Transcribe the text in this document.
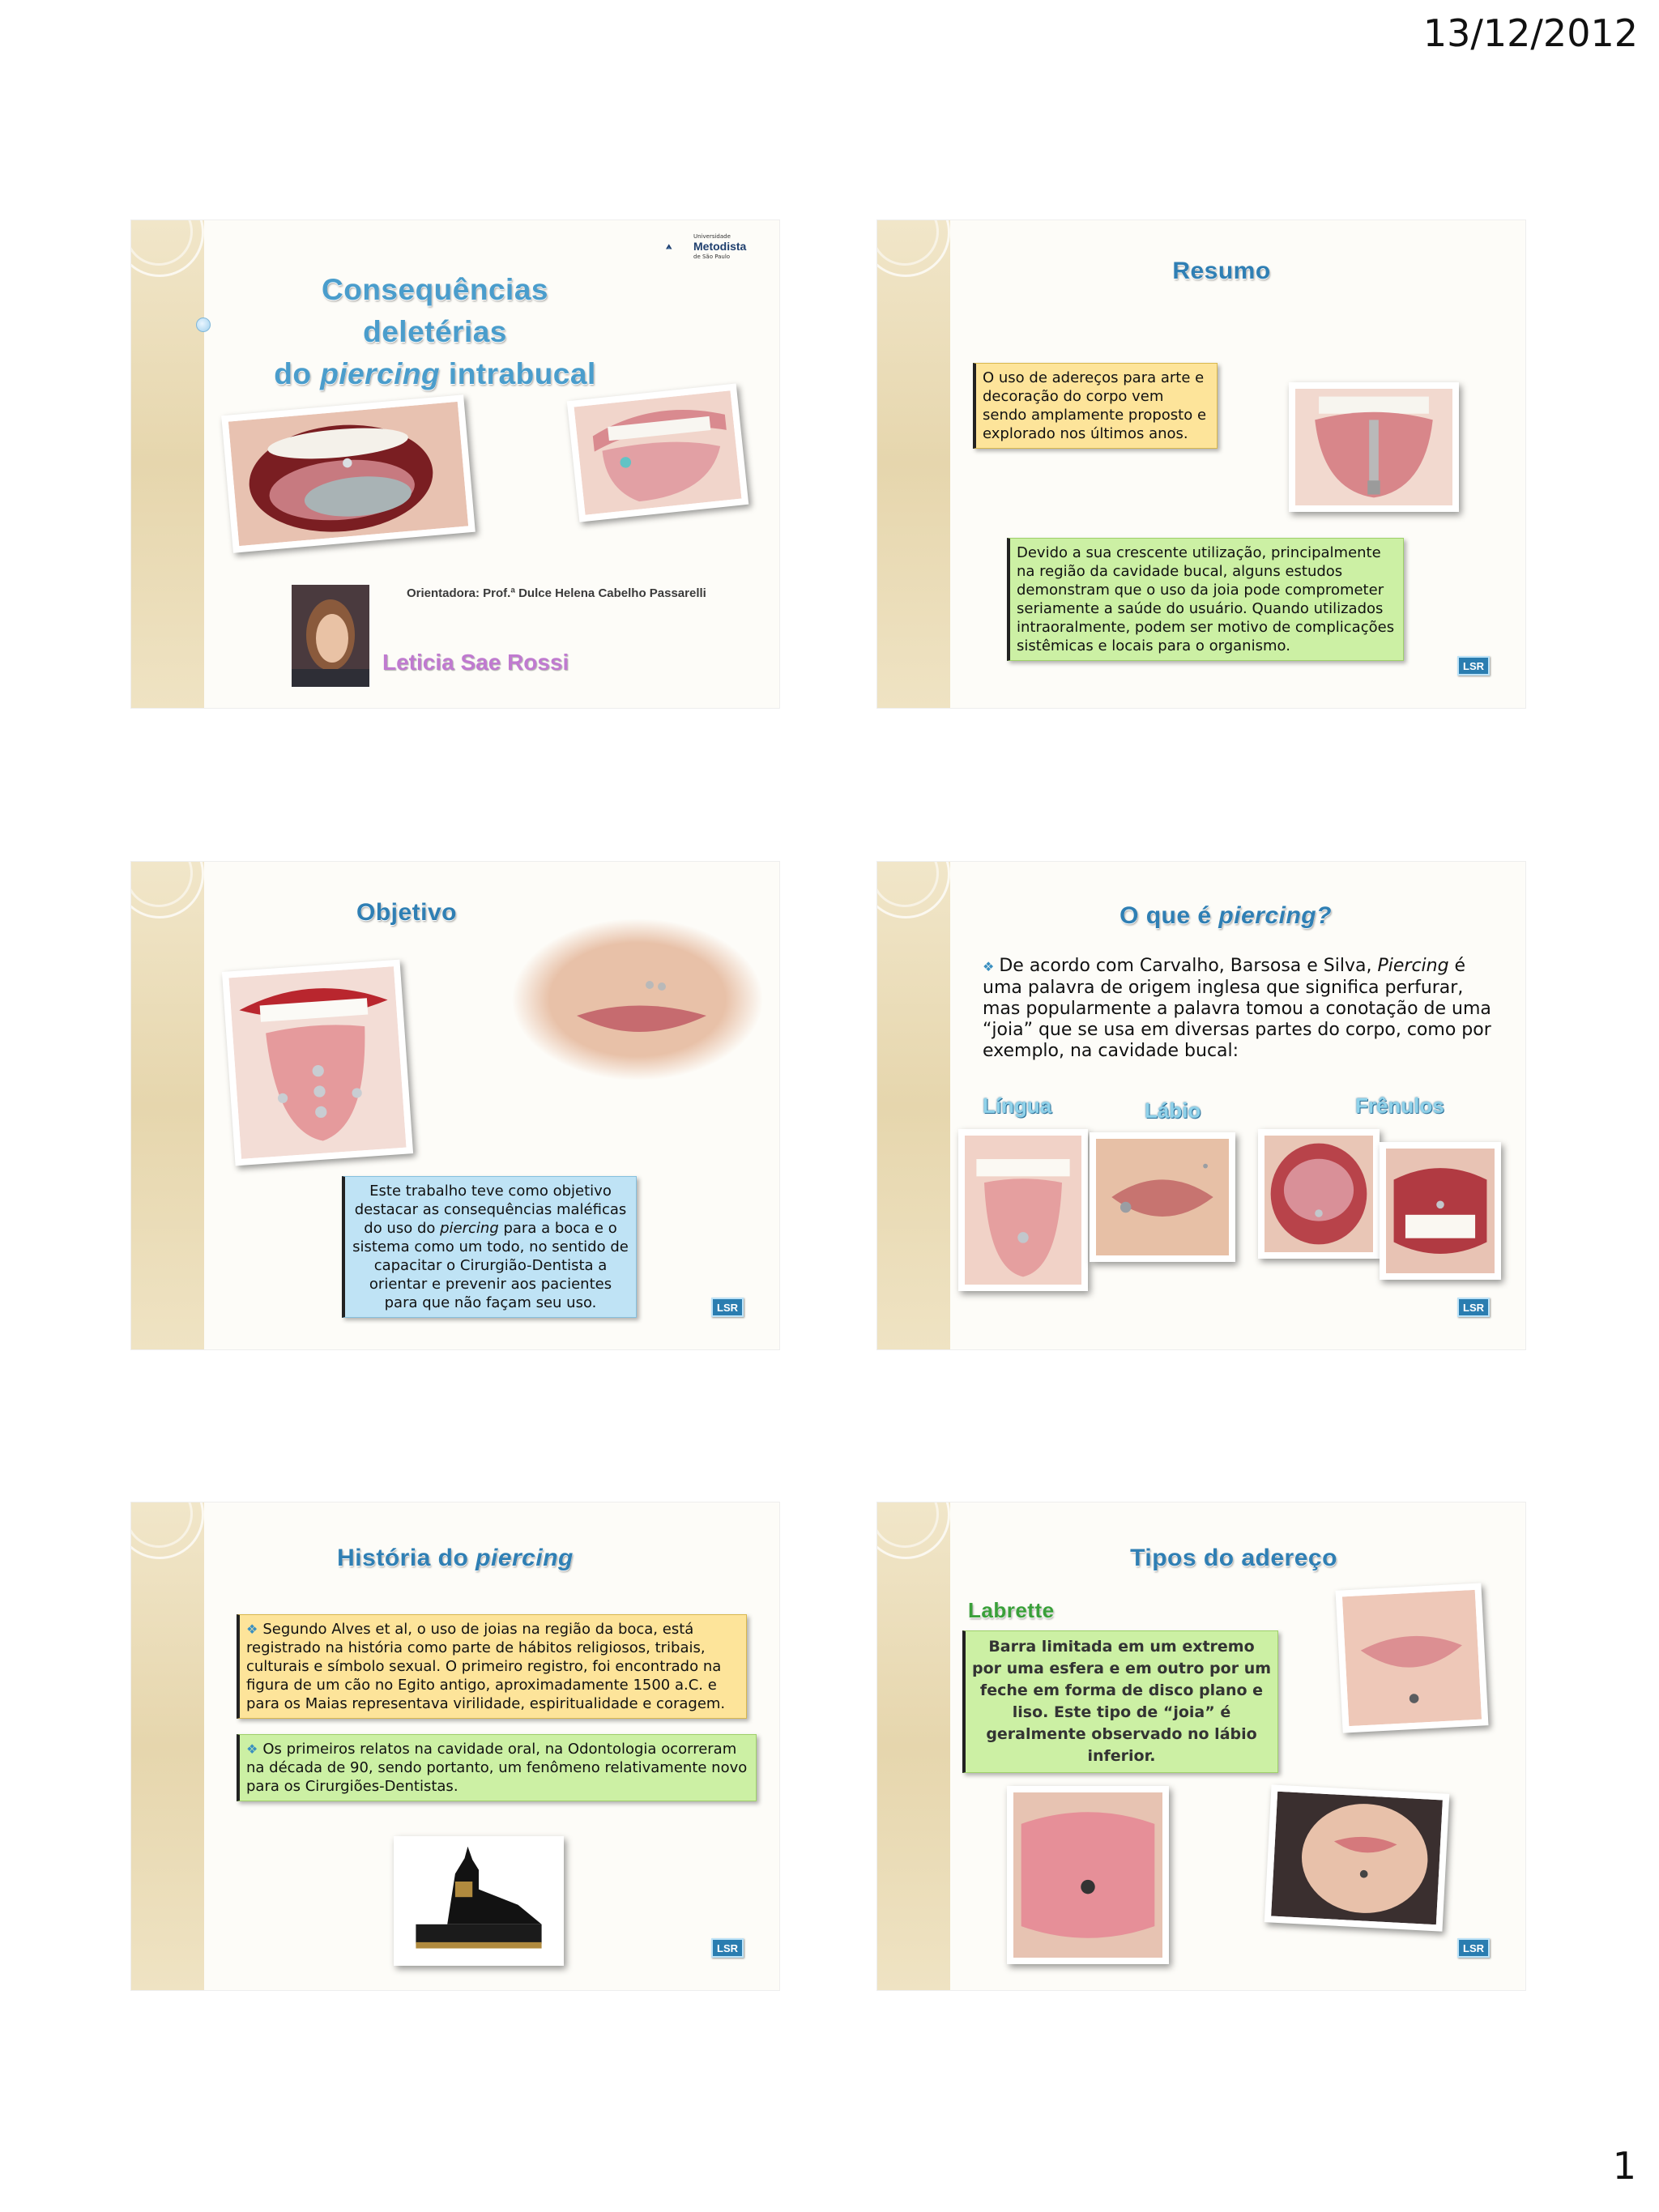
13/12/2012
Universidade
Metodista
de São Paulo
Consequências deletérias
do piercing intrabucal
Orientadora: Prof.ª Dulce Helena Cabelho Passarelli
Leticia Sae Rossi
Resumo
O uso de adereços para arte e decoração do corpo vem sendo amplamente proposto e explorado nos últimos anos.
Devido a sua crescente utilização, principalmente na região da cavidade bucal, alguns estudos demonstram que o uso da joia pode comprometer seriamente a saúde do usuário. Quando utilizados intraoralmente, podem ser motivo de complicações sistêmicas e locais para o organismo.
LSR
Objetivo
Este trabalho teve como objetivo destacar as consequências maléficas do uso do piercing para a boca e o sistema como um todo, no sentido de capacitar o Cirurgião-Dentista a orientar e prevenir aos pacientes para que não façam seu uso.	LSR
O que é piercing?
❖ De acordo com Carvalho, Barsosa e Silva, Piercing é uma palavra de origem inglesa que significa perfurar, mas popularmente a palavra tomou a conotação de uma “joia” que se usa em diversas partes do corpo, como por exemplo, na cavidade bucal:
Língua	Lábio	Frênulos
LSR
História do piercing
❖ Segundo Alves et al, o uso de joias na região da boca, está registrado na história como parte de hábitos religiosos, tribais, culturais e símbolo sexual. O primeiro registro, foi encontrado na figura de um cão no Egito antigo, aproximadamente 1500 a.C. e para os Maias representava virilidade, espiritualidade e coragem.
❖ Os primeiros relatos na cavidade oral, na Odontologia ocorreram na década de 90, sendo portanto, um fenômeno relativamente novo para os Cirurgiões-Dentistas.
LSR
Tipos do adereço
Labrette
Barra limitada em um extremo por uma esfera e em outro por um feche em forma de disco plano e liso. Este tipo de “joia” é geralmente observado no lábio inferior.
LSR
1
